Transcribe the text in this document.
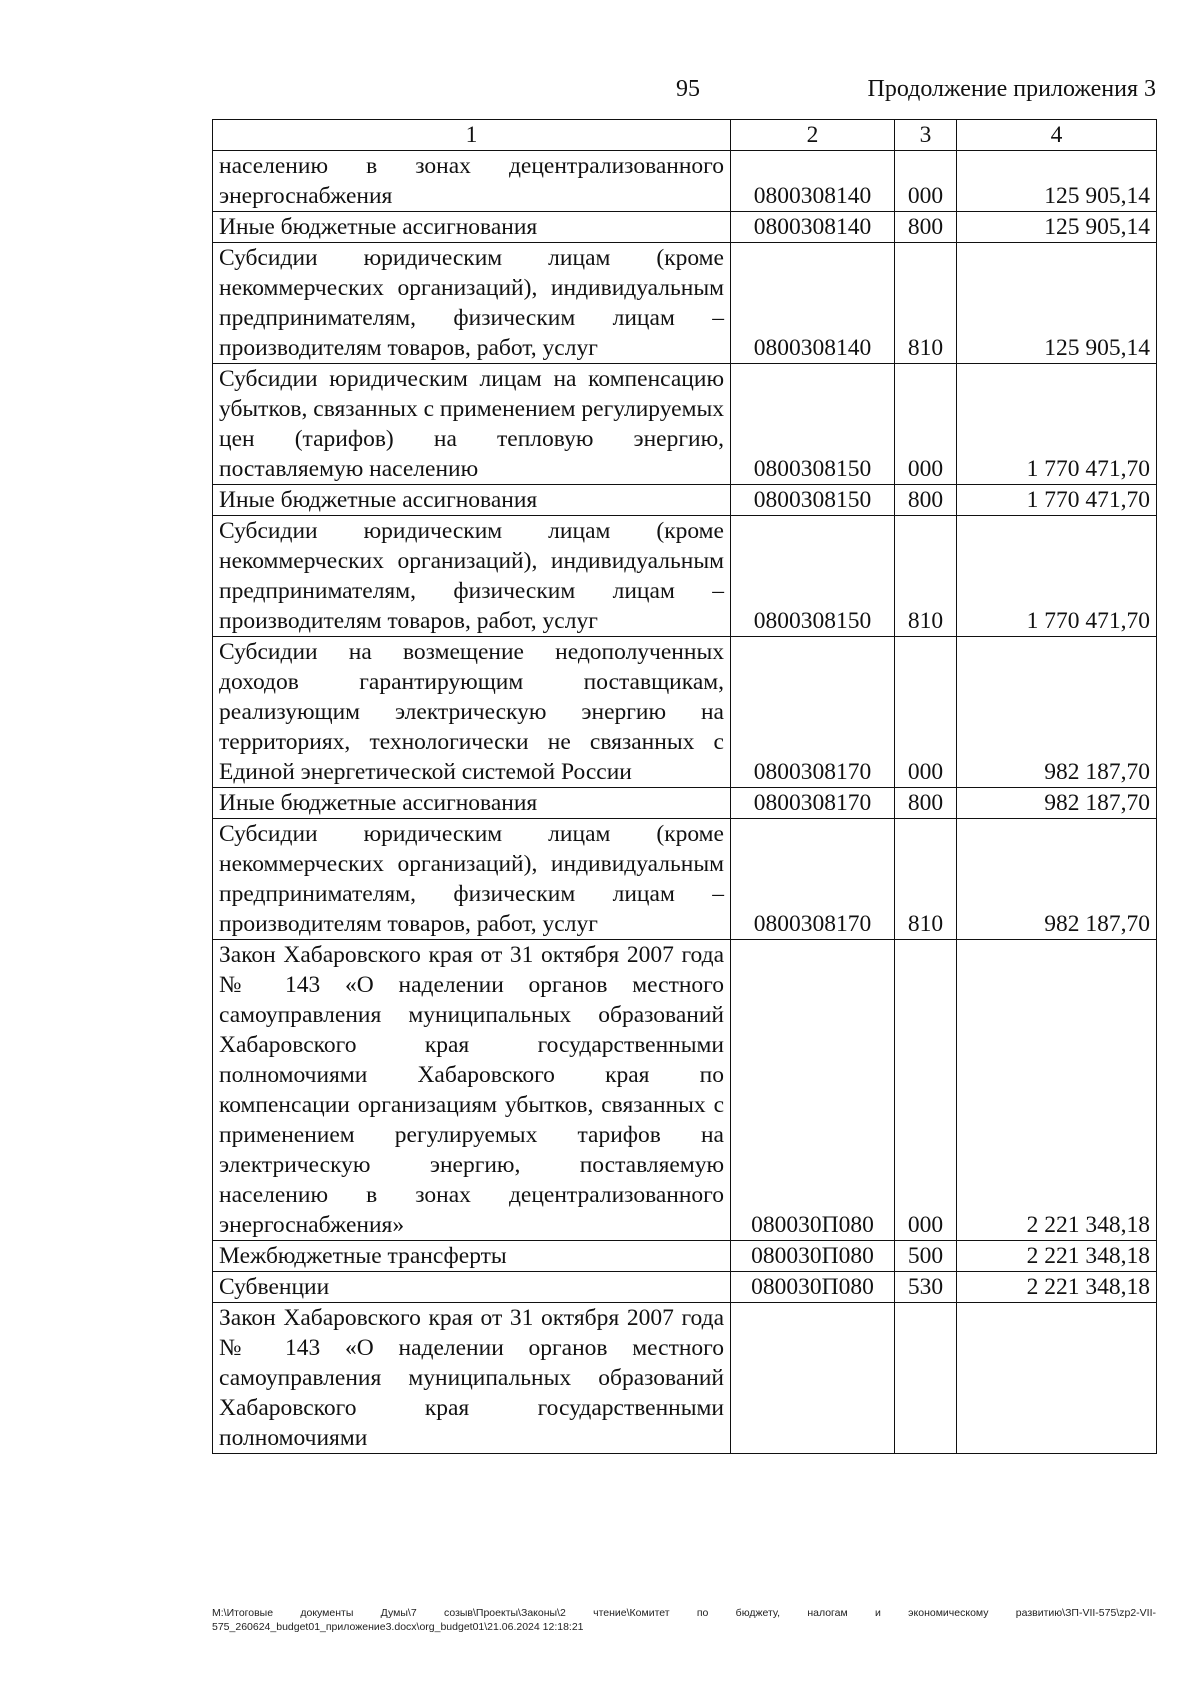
95	Продолжение приложения 3
1	2	3	4
населению в зонах децентрализованного энергоснабжения	0800308140	000	125 905,14
Иные бюджетные ассигнования	0800308140	800	125 905,14
Субсидии юридическим лицам (кроме некоммерческих организаций), индивидуальным предпринимателям, физическим лицам – производителям товаров, работ, услуг	0800308140	810	125 905,14
Субсидии юридическим лицам на компенсацию убытков, связанных с применением регулируемых цен (тарифов) на тепловую энергию, поставляемую населению	0800308150	000	1 770 471,70
Иные бюджетные ассигнования	0800308150	800	1 770 471,70
Субсидии юридическим лицам (кроме некоммерческих организаций), индивидуальным предпринимателям, физическим лицам – производителям товаров, работ, услуг	0800308150	810	1 770 471,70
Субсидии на возмещение недополученных доходов гарантирующим поставщикам, реализующим электрическую энергию на территориях, технологически не связанных с Единой энергетической системой России	0800308170	000	982 187,70
Иные бюджетные ассигнования	0800308170	800	982 187,70
Субсидии юридическим лицам (кроме некоммерческих организаций), индивидуальным предпринимателям, физическим лицам – производителям товаров, работ, услуг	0800308170	810	982 187,70
Закон Хабаровского края от 31 октября 2007 года № 143 «О наделении органов местного самоуправления муниципальных образований Хабаровского края государственными полномочиями Хабаровского края по компенсации организациям убытков, связанных с применением регулируемых тарифов на электрическую энергию, поставляемую населению в зонах децентрализованного энергоснабжения»	080030П080	000	2 221 348,18
Межбюджетные трансферты	080030П080	500	2 221 348,18
Субвенции	080030П080	530	2 221 348,18
Закон Хабаровского края от 31 октября 2007 года № 143 «О наделении органов местного самоуправления муниципальных образований Хабаровского края государственными полномочиями			
М:\Итоговые документы Думы\7 созыв\Проекты\Законы\2 чтение\Комитет по бюджету, налогам и экономическому развитию\ЗП-VII-575\zp2-VII-575_260624_budget01_приложение3.docx\org_budget01\21.06.2024 12:18:21
